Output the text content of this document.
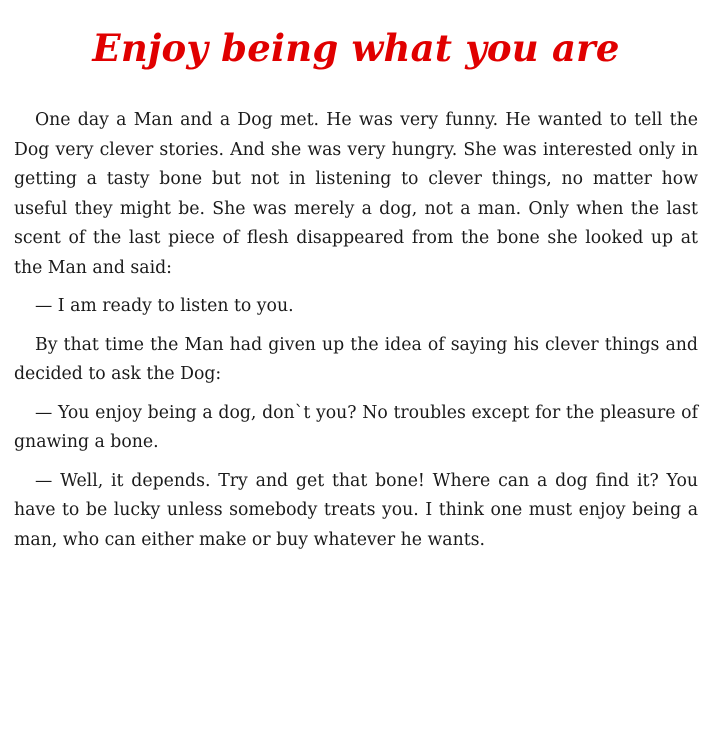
Enjoy being what you are

One day a Man and a Dog met. He was very funny. He wanted to tell the Dog very clever stories. And she was very hungry. She was interested only in getting a tasty bone but not in listening to clever things, no matter how useful they might be. She was merely a dog, not a man. Only when the last scent of the last piece of flesh disappeared from the bone she looked up at the Man and said:

— I am ready to listen to you.

By that time the Man had given up the idea of saying his clever things and decided to ask the Dog:

— You enjoy being a dog, don`t you? No troubles except for the pleasure of gnawing a bone.

— Well, it depends. Try and get that bone! Where can a dog find it? You have to be lucky unless somebody treats you. I think one must enjoy being a man, who can either make or buy whatever he wants.
